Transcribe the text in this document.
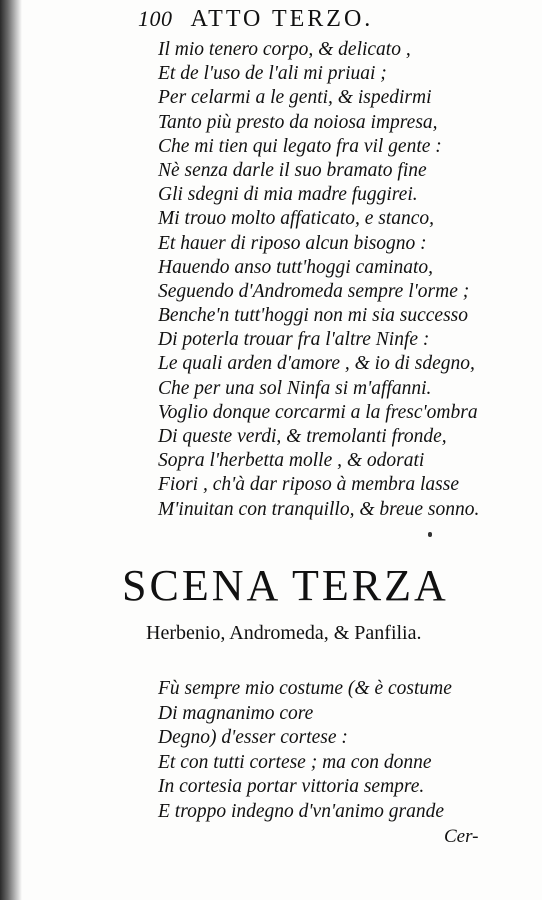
100 ATTO TERZO.
Il mio tenero corpo, & delicato ,
Et de l'uso de l'ali mi priuai ;
Per celarmi a le genti, & ispedirmi
Tanto più presto da noiosa impresa,
Che mi tien qui legato fra vil gente :
Nè senza darle il suo bramato fine
Gli sdegni di mia madre fuggirei.
Mi trouo molto affaticato, e stanco,
Et hauer di riposo alcun bisogno :
Hauendo anso tutt'hoggi caminato,
Seguendo d'Andromeda sempre l'orme ;
Benche'n tutt'hoggi non mi sia successo
Di poterla trouar fra l'altre Ninfe :
Le quali arden d'amore , & io di sdegno,
Che per una sol Ninfa si m'affanni.
Voglio donque corcarmi a la fresc'ombra
Di queste verdi, & tremolanti fronde,
Sopra l'herbetta molle , & odorati
Fiori , ch'à dar riposo à membra lasse
M'inuitan con tranquillo, & breue sonno.
SCENA TERZA
Herbenio, Andromeda, & Panfilia.
Fù sempre mio costume (& è costume
Di magnanimo core
Degno) d'esser cortese :
Et con tutti cortese ; ma con donne
In cortesia portar vittoria sempre.
E troppo indegno d'vn'animo grande
Cer-
